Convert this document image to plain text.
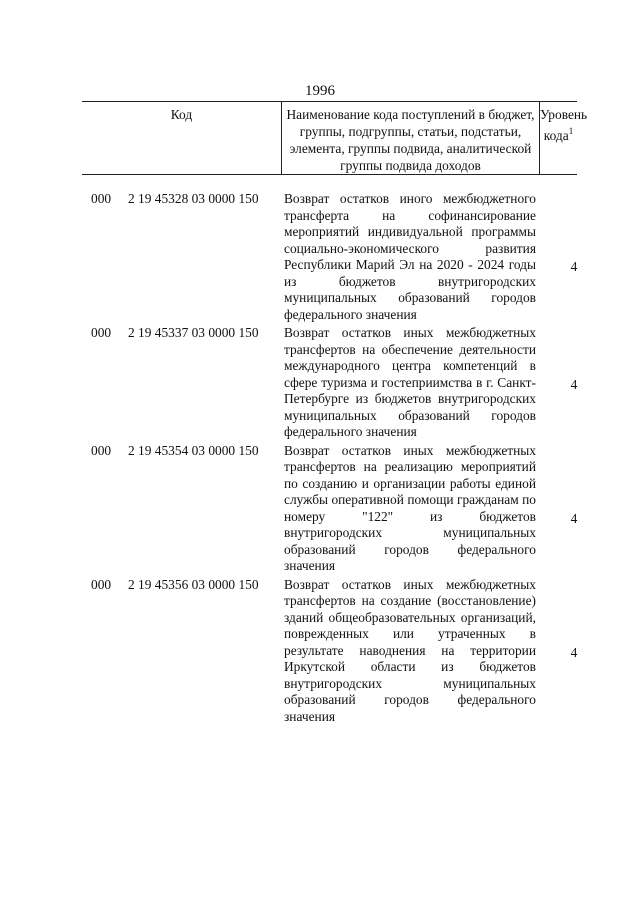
1996
Код	Наименование кода поступлений в бюджет, группы, подгруппы, статьи, подстатьи, элемента, группы подвида, аналитической группы подвида доходов
Уровень кода$^1$
000 2 19 45328 03 0000 150 Возврат остатков иного межбюджетного трансферта на софинансирование мероприятий индивидуальной программы социально-экономического развития Республики Марий Эл на 2020 - 2024 годы из бюджетов внутригородских муниципальных образований городов федерального значения
4
000 2 19 45337 03 0000 150 Возврат остатков иных межбюджетных трансфертов на обеспечение деятельности международного центра компетенций в сфере туризма и гостеприимства в г. Санкт-Петербурге из бюджетов внутригородских муниципальных образований городов федерального значения
4
000 2 19 45354 03 0000 150 Возврат остатков иных межбюджетных трансфертов на реализацию мероприятий по созданию и организации работы единой службы оперативной помощи гражданам по номеру "122" из бюджетов внутригородских муниципальных образований городов федерального значения
4
000 2 19 45356 03 0000 150 Возврат остатков иных межбюджетных трансфертов на создание (восстановление) зданий общеобразовательных организаций, поврежденных или утраченных в результате наводнения на территории Иркутской области из бюджетов внутригородских муниципальных образований городов федерального значения
4
